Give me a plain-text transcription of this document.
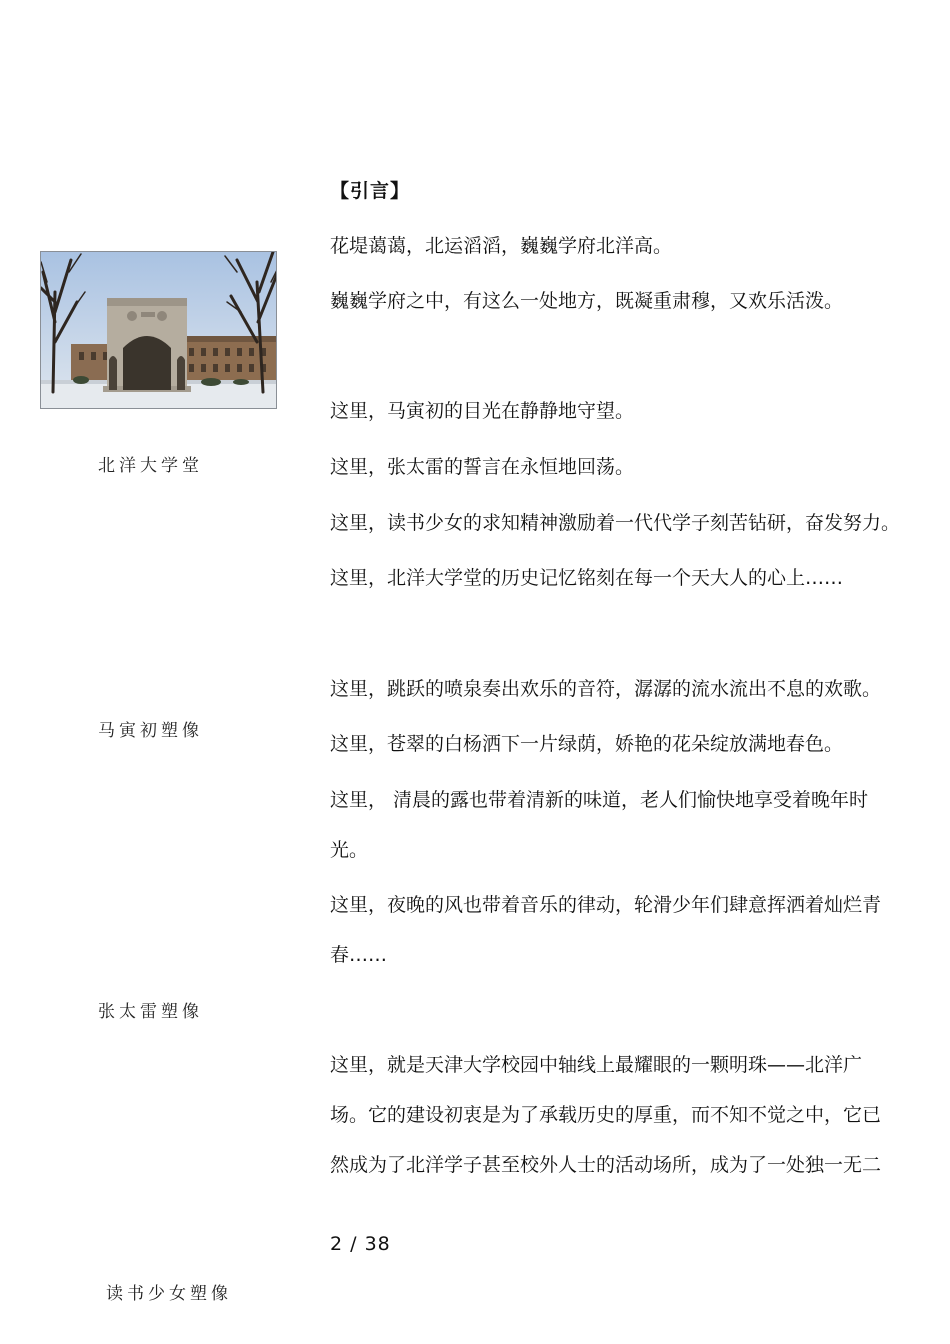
【引言】
北洋大学堂
马寅初塑像
张太雷塑像
读书少女塑像
花堤蔼蔼，北运滔滔，巍巍学府北洋高。
巍巍学府之中，有这么一处地方，既凝重肃穆，又欢乐活泼。
这里，马寅初的目光在静静地守望。
这里，张太雷的誓言在永恒地回荡。
这里，读书少女的求知精神激励着一代代学子刻苦钻研，奋发努力。
这里，北洋大学堂的历史记忆铭刻在每一个天大人的心上……
这里，跳跃的喷泉奏出欢乐的音符，潺潺的流水流出不息的欢歌。
这里，苍翠的白杨洒下一片绿荫，娇艳的花朵绽放满地春色。
这里， 清晨的露也带着清新的味道，老人们愉快地享受着晚年时
光。
这里，夜晚的风也带着音乐的律动，轮滑少年们肆意挥洒着灿烂青
春……
这里，就是天津大学校园中轴线上最耀眼的一颗明珠——北洋广
场。它的建设初衷是为了承载历史的厚重，而不知不觉之中，它已
然成为了北洋学子甚至校外人士的活动场所，成为了一处独一无二
2 / 38
